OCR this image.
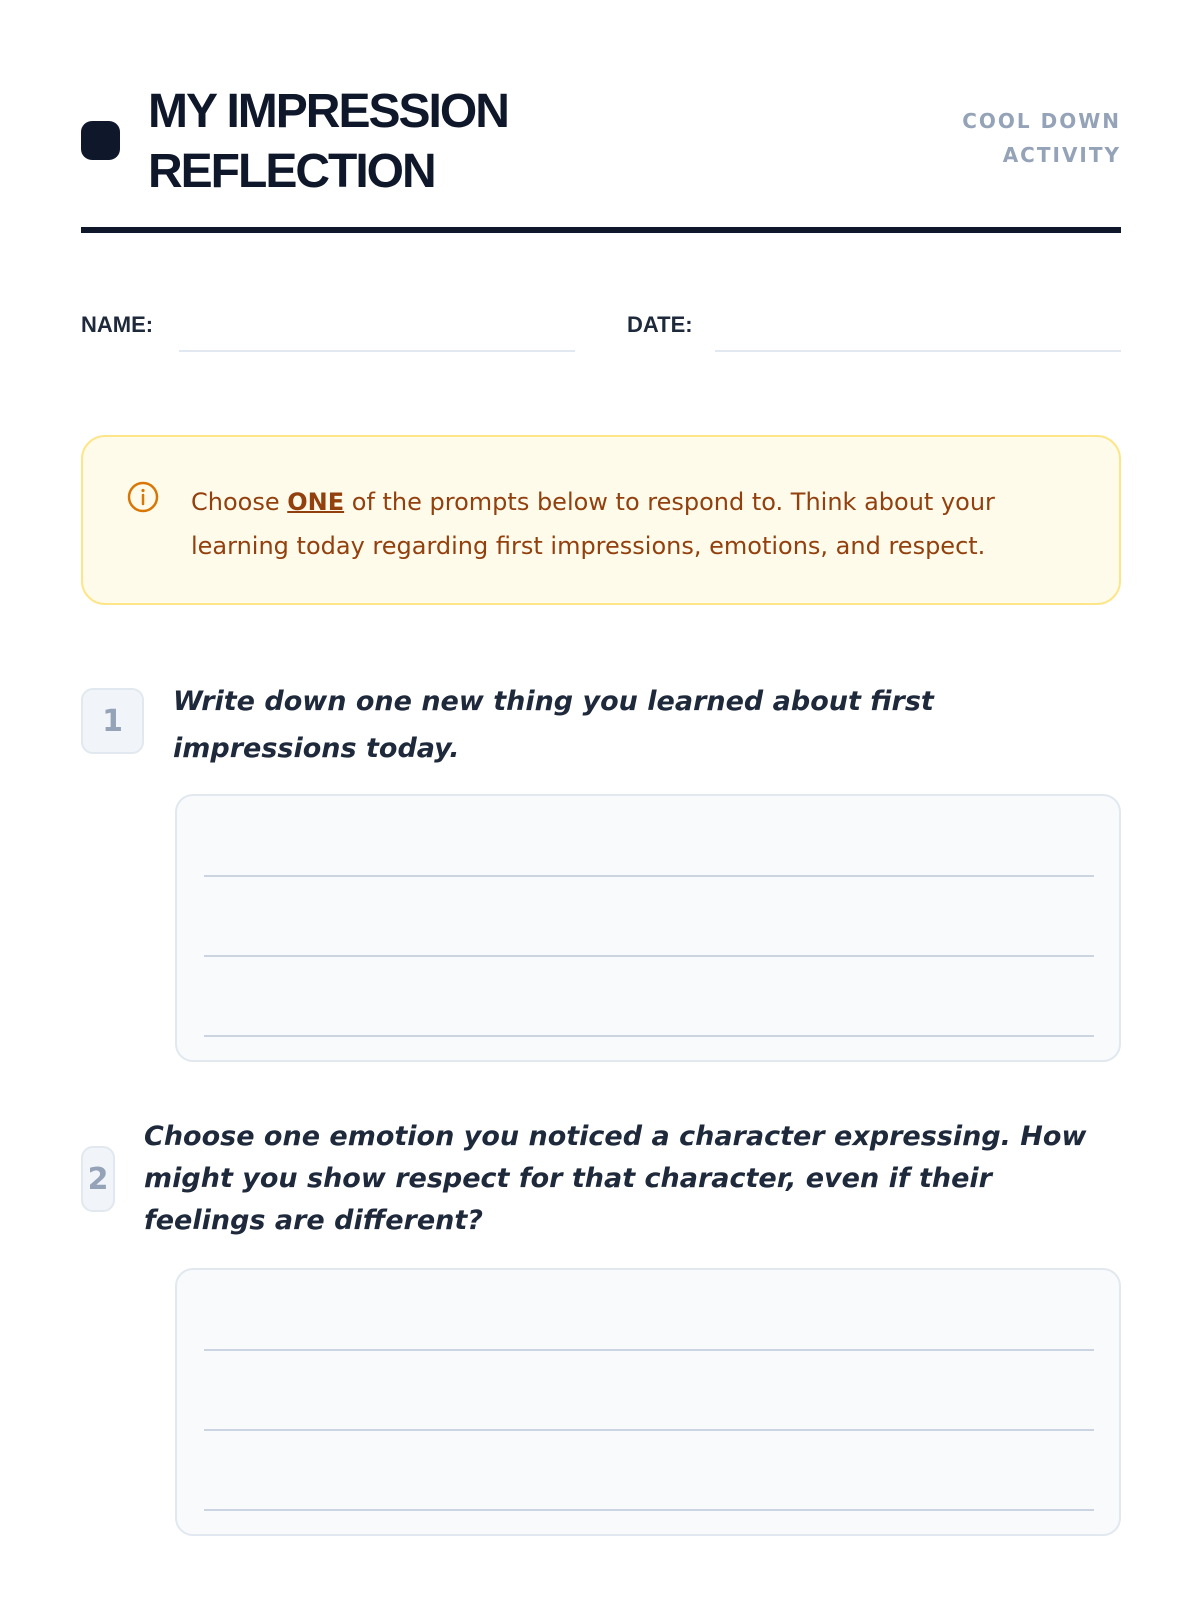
MY IMPRESSION REFLECTION
COOL DOWN
ACTIVITY
NAME:	DATE:
Choose ONE of the prompts below to respond to. Think about your learning today regarding first impressions, emotions, and respect.
1

Write down one new thing you learned about first impressions today.

2

Choose one emotion you noticed a character expressing. How might you show respect for that character, even if their feelings are different?
